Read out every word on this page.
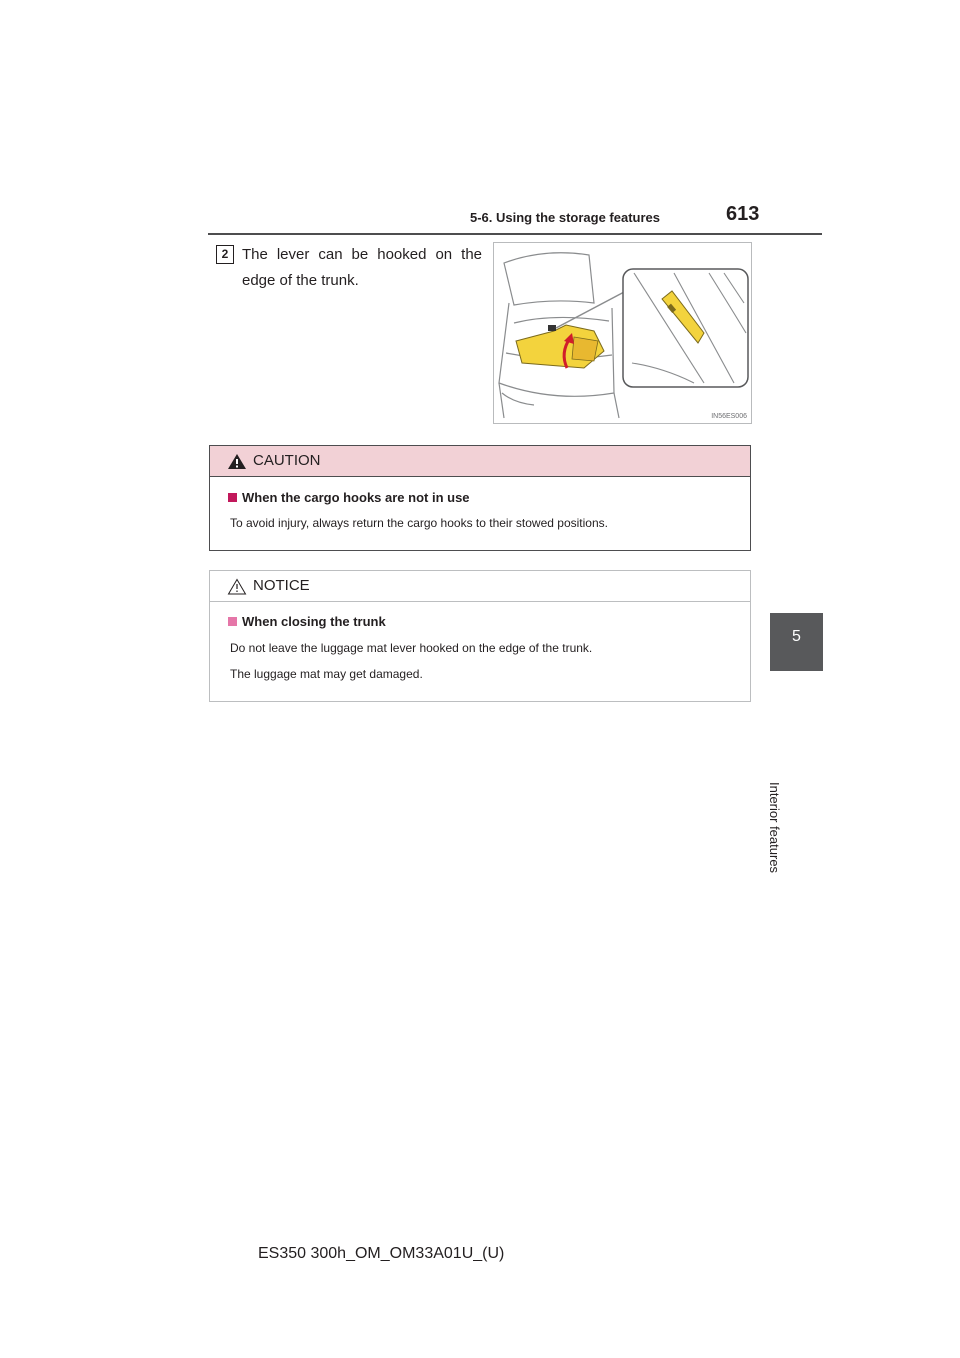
5-6. Using the storage features	613
5
Interior features
2 The lever can be hooked on the edge of the trunk.
IN56ES006
CAUTION
When the cargo hooks are not in use
To avoid injury, always return the cargo hooks to their stowed positions.
NOTICE
When closing the trunk
Do not leave the luggage mat lever hooked on the edge of the trunk.
The luggage mat may get damaged.
ES350 300h_OM_OM33A01U_(U)
